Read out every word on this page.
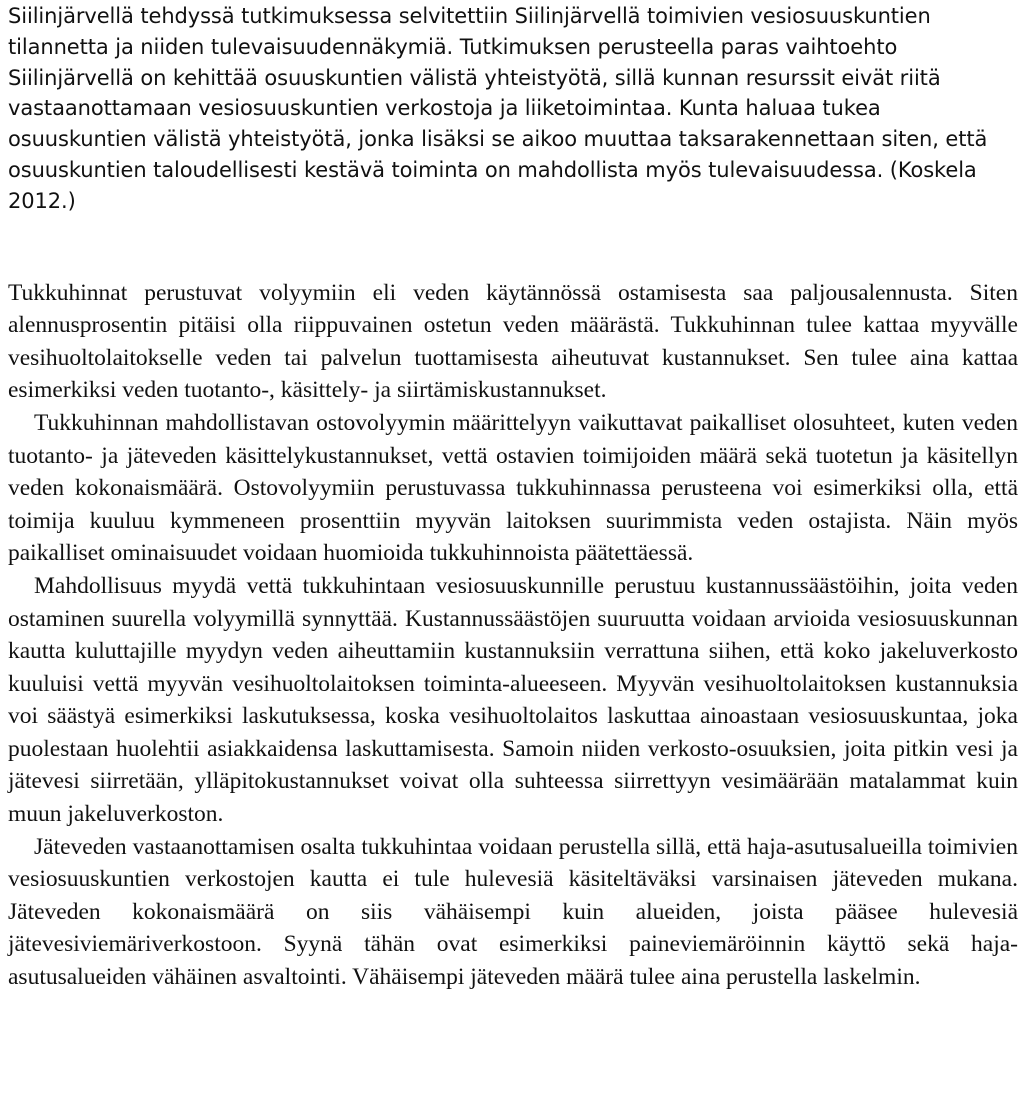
Siilinjärvellä tehdyssä tutkimuksessa selvitettiin Siilinjärvellä toimivien vesiosuuskuntien tilannetta ja niiden tulevaisuudennäkymiä. Tutkimuksen perusteella paras vaihtoehto Siilinjärvellä on kehittää osuuskuntien välistä yhteistyötä, sillä kunnan resurssit eivät riitä vastaanottamaan vesiosuuskuntien verkostoja ja liiketoimintaa. Kunta haluaa tukea osuuskuntien välistä yhteistyötä, jonka lisäksi se aikoo muuttaa taksarakennettaan siten, että osuuskuntien taloudellisesti kestävä toiminta on mahdollista myös tulevaisuudessa. (Koskela 2012.)

Tukkuhinnat perustuvat volyymiin eli veden käytännössä ostamisesta saa paljousalennusta. Siten alennusprosentin pitäisi olla riippuvainen ostetun veden määrästä. Tukkuhinnan tulee kattaa myyvälle vesihuoltolaitokselle veden tai palvelun tuottamisesta aiheutuvat kustannukset. Sen tulee aina kattaa esimerkiksi veden tuotanto-, käsittely- ja siirtämiskustannukset.

Tukkuhinnan mahdollistavan ostovolyymin määrittelyyn vaikuttavat paikalliset olosuhteet, kuten veden tuotanto- ja jäteveden käsittelykustannukset, vettä ostavien toimijoiden määrä sekä tuotetun ja käsitellyn veden kokonaismäärä. Ostovolyymiin perustuvassa tukkuhinnassa perusteena voi esimerkiksi olla, että toimija kuuluu kymmeneen prosenttiin myyvän laitoksen suurimmista veden ostajista. Näin myös paikalliset ominaisuudet voidaan huomioida tukkuhinnoista päätettäessä.

Mahdollisuus myydä vettä tukkuhintaan vesiosuuskunnille perustuu kustannussäästöihin, joita veden ostaminen suurella volyymillä synnyttää. Kustannussäästöjen suuruutta voidaan arvioida vesiosuuskunnan kautta kuluttajille myydyn veden aiheuttamiin kustannuksiin verrattuna siihen, että koko jakeluverkosto kuuluisi vettä myyvän vesihuoltolaitoksen toiminta-alueeseen. Myyvän vesihuoltolaitoksen kustannuksia voi säästyä esimerkiksi laskutuksessa, koska vesihuoltolaitos laskuttaa ainoastaan vesiosuuskuntaa, joka puolestaan huolehtii asiakkaidensa laskuttamisesta. Samoin niiden verkosto-osuuksien, joita pitkin vesi ja jätevesi siirretään, ylläpitokustannukset voivat olla suhteessa siirrettyyn vesimäärään matalammat kuin muun jakeluverkoston.

Jäteveden vastaanottamisen osalta tukkuhintaa voidaan perustella sillä, että haja-asutusalueilla toimivien vesiosuuskuntien verkostojen kautta ei tule hulevesiä käsiteltäväksi varsinaisen jäteveden mukana. Jäteveden kokonaismäärä on siis vähäisempi kuin alueiden, joista pääsee hulevesiä jätevesiviemäriverkostoon. Syynä tähän ovat esimerkiksi paineviemäröinnin käyttö sekä haja-asutusalueiden vähäinen asvaltointi. Vähäisempi jäteveden määrä tulee aina perustella laskelmin.
